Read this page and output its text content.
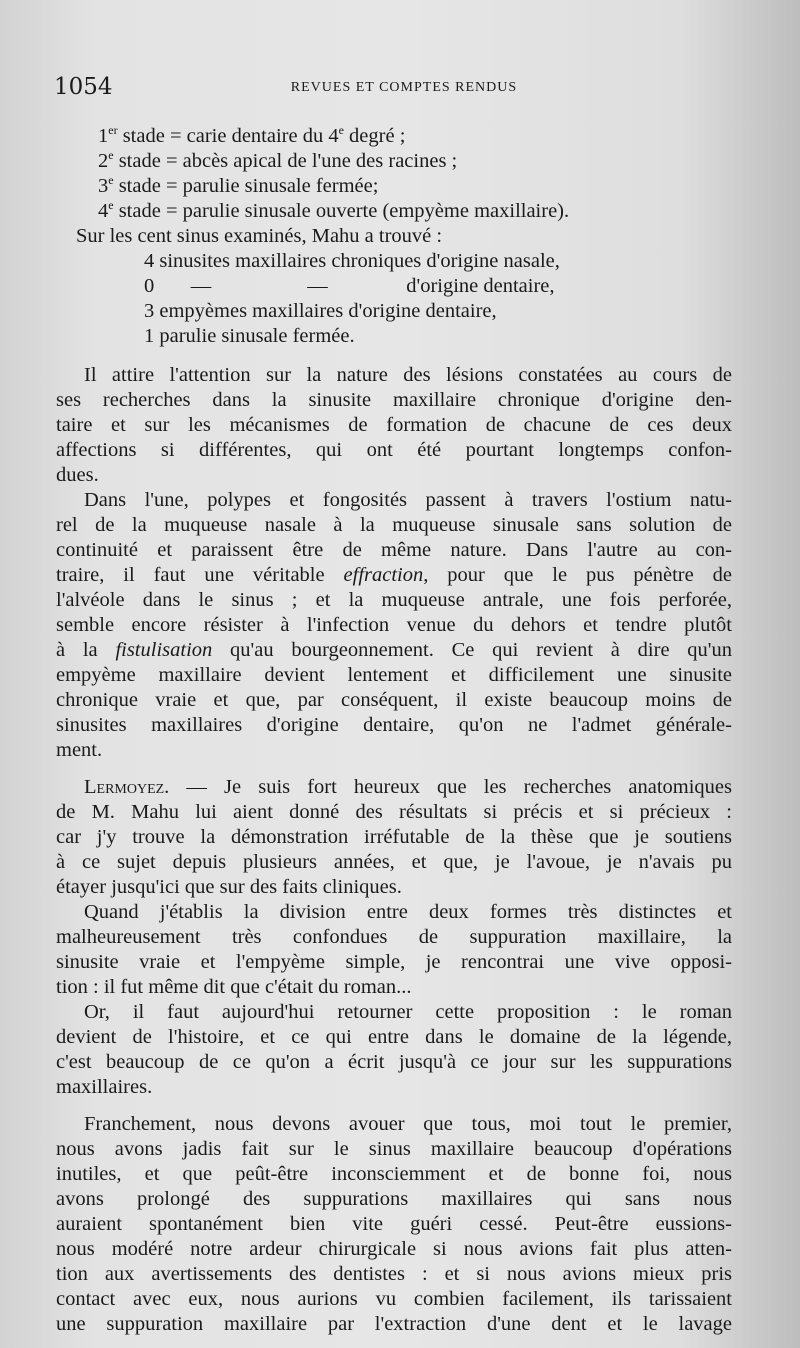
1054	REVUES ET COMPTES RENDUS
1er stade = carie dentaire du 4e degré ;
2e stade = abcès apical de l'une des racines ;
3e stade = parulie sinusale fermée;
4e stade = parulie sinusale ouverte (empyème maxillaire).
Sur les cent sinus examinés, Mahu a trouvé :
4 sinusites maxillaires chroniques d'origine nasale,
0 —	—	d'origine dentaire,
3 empyèmes maxillaires d'origine dentaire,
1 parulie sinusale fermée.
Il attire l'attention sur la nature des lésions constatées au cours de
ses recherches dans la sinusite maxillaire chronique d'origine den-
taire et sur les mécanismes de formation de chacune de ces deux
affections si différentes, qui ont été pourtant longtemps confon-
dues.
Dans l'une, polypes et fongosités passent à travers l'ostium natu-
rel de la muqueuse nasale à la muqueuse sinusale sans solution de
continuité et paraissent être de même nature. Dans l'autre au con-
traire, il faut une véritable effraction, pour que le pus pénètre de
l'alvéole dans le sinus ; et la muqueuse antrale, une fois perforée,
semble encore résister à l'infection venue du dehors et tendre plutôt
à la fistulisation qu'au bourgeonnement. Ce qui revient à dire qu'un
empyème maxillaire devient lentement et difficilement une sinusite
chronique vraie et que, par conséquent, il existe beaucoup moins de
sinusites maxillaires d'origine dentaire, qu'on ne l'admet générale-
ment.
Lermoyez. — Je suis fort heureux que les recherches anatomiques
de M. Mahu lui aient donné des résultats si précis et si précieux :
car j'y trouve la démonstration irréfutable de la thèse que je soutiens
à ce sujet depuis plusieurs années, et que, je l'avoue, je n'avais pu
étayer jusqu'ici que sur des faits cliniques.
Quand j'établis la division entre deux formes très distinctes et
malheureusement très confondues de suppuration maxillaire, la
sinusite vraie et l'empyème simple, je rencontrai une vive opposi-
tion : il fut même dit que c'était du roman...
Or, il faut aujourd'hui retourner cette proposition : le roman
devient de l'histoire, et ce qui entre dans le domaine de la légende,
c'est beaucoup de ce qu'on a écrit jusqu'à ce jour sur les suppurations
maxillaires.
Franchement, nous devons avouer que tous, moi tout le premier,
nous avons jadis fait sur le sinus maxillaire beaucoup d'opérations
inutiles, et que peût-être inconsciemment et de bonne foi, nous
avons prolongé des suppurations maxillaires qui sans nous
auraient spontanément bien vite guéri cessé. Peut-être eussions-
nous modéré notre ardeur chirurgicale si nous avions fait plus atten-
tion aux avertissements des dentistes : et si nous avions mieux pris
contact avec eux, nous aurions vu combien facilement, ils tarissaient
une suppuration maxillaire par l'extraction d'une dent et le lavage
